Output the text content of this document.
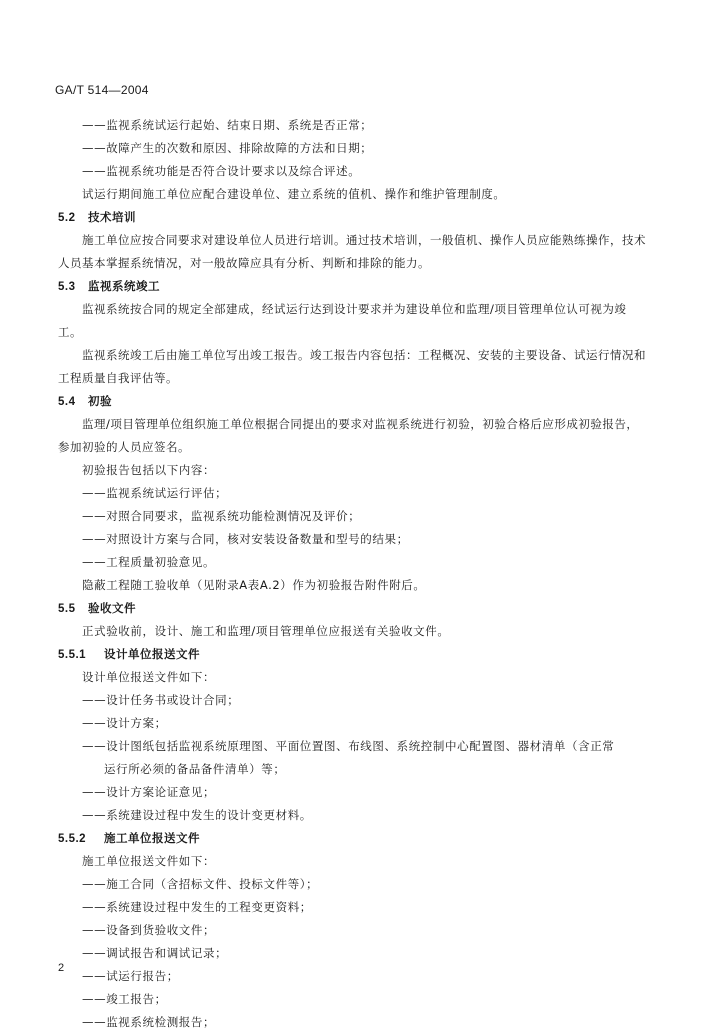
GA/T 514—2004
——监视系统试运行起始、结束日期、系统是否正常；
——故障产生的次数和原因、排除故障的方法和日期；
——监视系统功能是否符合设计要求以及综合评述。
试运行期间施工单位应配合建设单位、建立系统的值机、操作和维护管理制度。
5.2 技术培训
施工单位应按合同要求对建设单位人员进行培训。通过技术培训，一般值机、操作人员应能熟练操作，技术人员基本掌握系统情况，对一般故障应具有分析、判断和排除的能力。
5.3 监视系统竣工
监视系统按合同的规定全部建成，经试运行达到设计要求并为建设单位和监理/项目管理单位认可视为竣工。
监视系统竣工后由施工单位写出竣工报告。竣工报告内容包括：工程概况、安装的主要设备、试运行情况和工程质量自我评估等。
5.4 初验
监理/项目管理单位组织施工单位根据合同提出的要求对监视系统进行初验，初验合格后应形成初验报告，参加初验的人员应签名。
初验报告包括以下内容：
——监视系统试运行评估；
——对照合同要求，监视系统功能检测情况及评价；
——对照设计方案与合同，核对安装设备数量和型号的结果；
——工程质量初验意见。
隐蔽工程随工验收单（见附录A表A.2）作为初验报告附件附后。
5.5 验收文件
正式验收前，设计、施工和监理/项目管理单位应报送有关验收文件。
5.5.1 设计单位报送文件
设计单位报送文件如下：
——设计任务书或设计合同；
——设计方案；
——设计图纸包括监视系统原理图、平面位置图、布线图、系统控制中心配置图、器材清单（含正常
运行所必须的备品备件清单）等；
——设计方案论证意见；
——系统建设过程中发生的设计变更材料。
5.5.2 施工单位报送文件
施工单位报送文件如下：
——施工合同（含招标文件、投标文件等）；
——系统建设过程中发生的工程变更资料；
——设备到货验收文件；
——调试报告和调试记录；
——试运行报告；
——竣工报告；
——监视系统检测报告；
2
